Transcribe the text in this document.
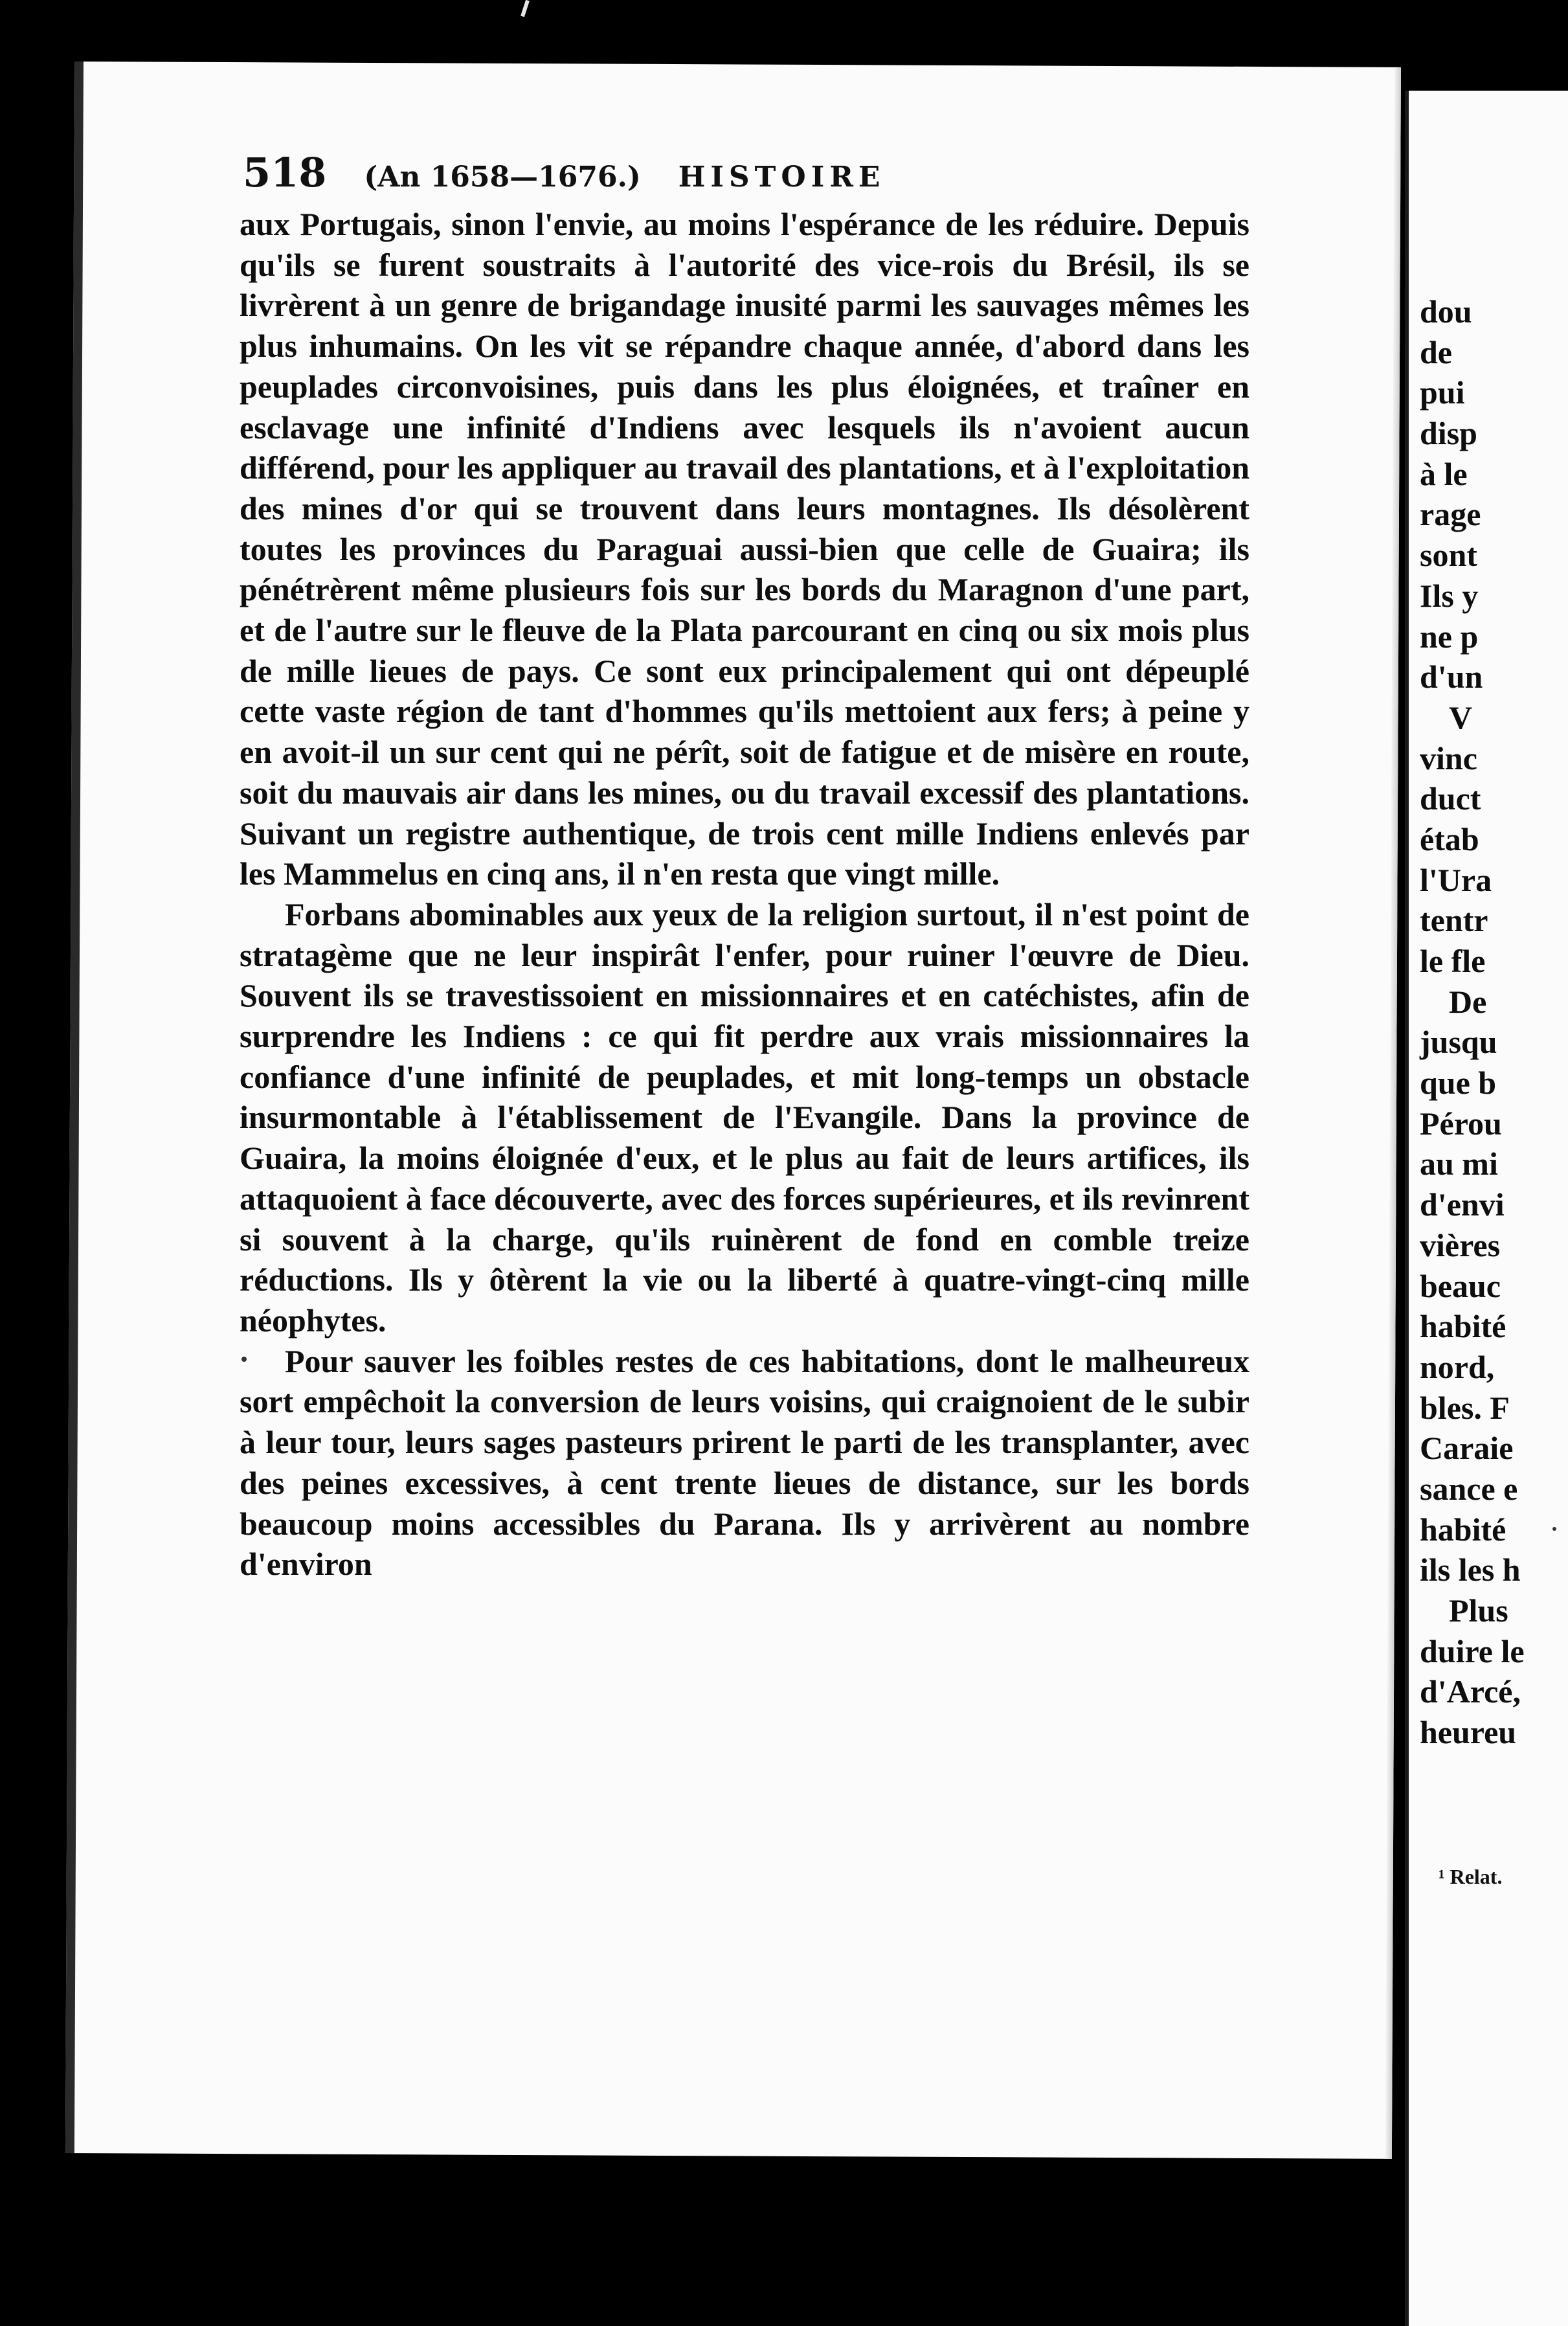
518 (An 1658—1676.) HISTOIRE

aux Portugais, sinon l'envie, au moins l'espérance de les réduire. Depuis qu'ils se furent soustraits à l'autorité des vice-rois du Brésil, ils se livrèrent à un genre de brigandage inusité parmi les sauvages mêmes les plus inhumains. On les vit se répandre chaque année, d'abord dans les peuplades circonvoisines, puis dans les plus éloignées, et traîner en esclavage une infinité d'Indiens avec lesquels ils n'avoient aucun différend, pour les appliquer au travail des plantations, et à l'exploitation des mines d'or qui se trouvent dans leurs montagnes. Ils désolèrent toutes les provinces du Paraguai aussi-bien que celle de Guaira; ils pénétrèrent même plusieurs fois sur les bords du Maragnon d'une part, et de l'autre sur le fleuve de la Plata parcourant en cinq ou six mois plus de mille lieues de pays. Ce sont eux principalement qui ont dépeuplé cette vaste région de tant d'hommes qu'ils mettoient aux fers; à peine y en avoit-il un sur cent qui ne pérît, soit de fatigue et de misère en route, soit du mauvais air dans les mines, ou du travail excessif des plantations. Suivant un registre authentique, de trois cent mille Indiens enlevés par les Mammelus en cinq ans, il n'en resta que vingt mille.

Forbans abominables aux yeux de la religion surtout, il n'est point de stratagème que ne leur inspirât l'enfer, pour ruiner l'œuvre de Dieu. Souvent ils se travestissoient en missionnaires et en catéchistes, afin de surprendre les Indiens : ce qui fit perdre aux vrais missionnaires la confiance d'une infinité de peuplades, et mit long-temps un obstacle insurmontable à l'établissement de l'Evangile. Dans la province de Guaira, la moins éloignée d'eux, et le plus au fait de leurs artifices, ils attaquoient à face découverte, avec des forces supérieures, et ils revinrent si souvent à la charge, qu'ils ruinèrent de fond en comble treize réductions. Ils y ôtèrent la vie ou la liberté à quatre-vingt-cinq mille néophytes.

Pour sauver les foibles restes de ces habitations, dont le malheureux sort empêchoit la conversion de leurs voisins, qui craignoient de le subir à leur tour, leurs sages pasteurs prirent le parti de les transplanter, avec des peines excessives, à cent trente lieues de distance, sur les bords beaucoup moins accessibles du Parana. Ils y arrivèrent au nombre d'environ

dou
de
pui
disp
à le
rage
sont
Ils y
ne p
d'un
V
vinc
duct
étab
l'Ura
tentr
le fle
De
jusqu
que b
Pérou
au mi
d'envi
vières
beauc
habité
nord,
bles. F
Caraie
sance e
habité
ils les h
Plus
duire le
d'Arcé,
heureu
¹ Relat.
